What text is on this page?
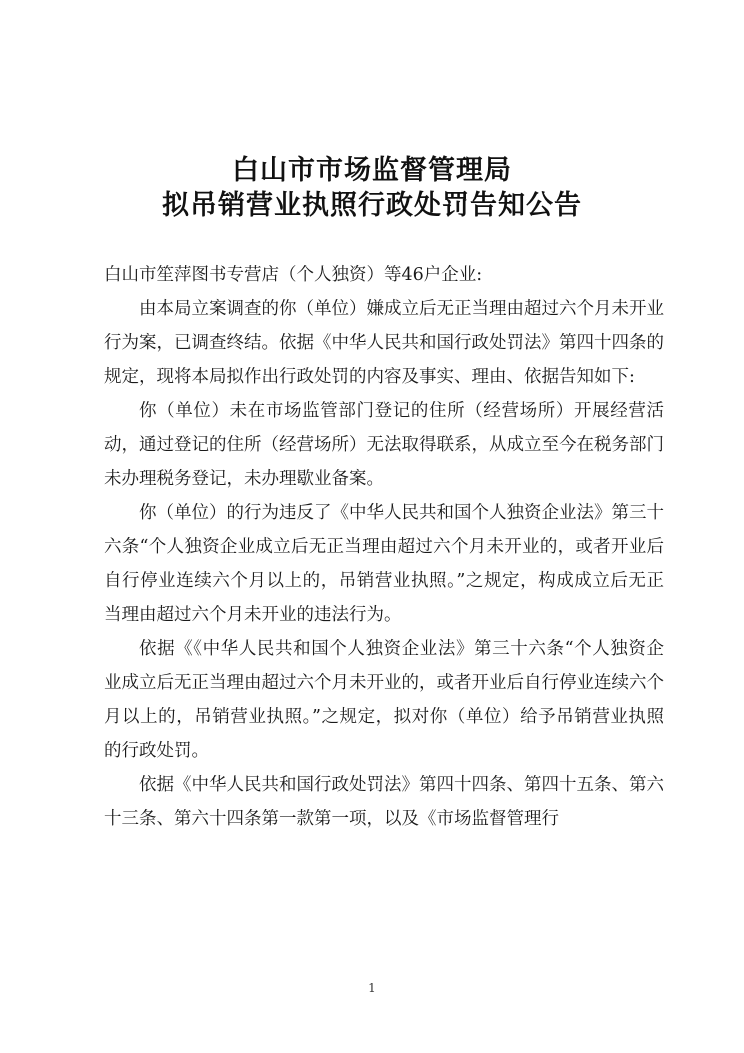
白山市市场监督管理局
拟吊销营业执照行政处罚告知公告

白山市笙萍图书专营店（个人独资）等46户企业:

由本局立案调查的你（单位）嫌成立后无正当理由超过六个月未开业行为案，已调查终结。依据《中华人民共和国行政处罚法》第四十四条的规定，现将本局拟作出行政处罚的内容及事实、理由、依据告知如下:

你（单位）未在市场监管部门登记的住所（经营场所）开展经营活动，通过登记的住所（经营场所）无法取得联系，从成立至今在税务部门未办理税务登记，未办理歇业备案。

你（单位）的行为违反了《中华人民共和国个人独资企业法》第三十六条“个人独资企业成立后无正当理由超过六个月未开业的，或者开业后自行停业连续六个月以上的，吊销营业执照。”之规定，构成成立后无正当理由超过六个月未开业的违法行为。

依据《《中华人民共和国个人独资企业法》第三十六条“个人独资企业成立后无正当理由超过六个月未开业的，或者开业后自行停业连续六个月以上的，吊销营业执照。”之规定，拟对你（单位）给予吊销营业执照的行政处罚。

依据《中华人民共和国行政处罚法》第四十四条、第四十五条、第六十三条、第六十四条第一款第一项，以及《市场监督管理行

1
